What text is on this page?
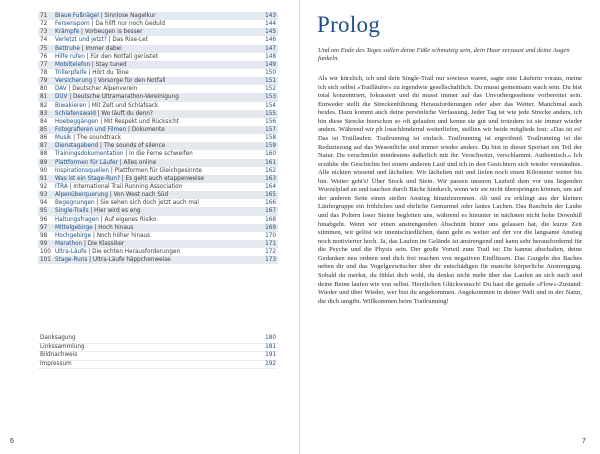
71	Blaue Fußnägel | Sinnlose Nagelkur	143
72	Fersensporn | Da hilft nur noch Geduld	144
73	Krämpfe | Vorbeugen is besser	145
74	Verletzt und jetzt? | Das Rise-Let	146
75	Bettruhe | Immer dabei	147
76	Hilfe rufen | Für den Notfall gerüstet	148
77	Mobiltelefon | Stay tuned	149
78	Trillerpfeife | Hört du Töne	150
79	Versicherung | Vorsorge für den Notfall	151
80	DAV | Deutscher Alpenverein	152
81	DUV | Deutsche Ultramarathon-Vereinigung	153
82	Biwakieren | Mit Zelt und Schlafsack	154
83	Schlafenswald | Wo läuft du denn?	155
84	Hoebeggängen | Mit Respekt und Rücksicht	156
85	Fotografieren und Filmen | Dokumente	157
86	Musik | The soundtrack	158
87	Dienstagabend | The sounds of silence	159
88	Trainingsdokumentation | In die Ferne schweifen	160
89	Plattformen für Läufer | Alles online	161
90	Inspirationsquellen | Plattformen für Gleichgesinnte	162
91	Was ist ein Stage-Run? | Es geht auch etappenweise	163
92	ITRA | International Trail Running Association	164
93	Alpenüberquerung | Von West nach Süd	165
94	Begegnungen | Sie sehen sich doch jetzt auch mal	166
95	Single-Trails | Hier wird es eng	167
96	Haltungsfragen | Auf eigenes Risiko	168
97	Mittelgebirge | Hoch hinaus	169
98	Hochgebirge | Noch höher hinaus	170
99	Marathon | Die Klassiker	171
100 Ultra-Läufe | Die echten Herausforderungen	172
101 Stage-Runs | Ultra-Läufe häppchenweise	173
Danksagung	180
Linkssammlung	181
Bildnachweis	191
Impressum	192
6	7
Prolog
Und am Ende des Tages sollen deine Füße schmutzig sein, dein Haar zerzaust und deine Augen funkeln.

Als wir kürzlich, ich und dein Single-Trail nur sowieso waren, sagte eine Läuferin voraus, meine ich sich selbst »Trailläufer« zu irgendwie gesellschaftlich. Du musst gemeinsam wach sein. Du bist total konzentriert, fokussiert und du musst immer auf das Unvorhergesehene vorbereitet sein. Entweder stellt die Streckenführung Herausforderungen oder aber das Wetter. Manchmal auch beides. Dazu kommt auch deine persönliche Verfassung. Jeder Tag ist wie jede Strecke anders, ich bin diese Strecke hierschon so oft gelaufen und kenne sie gut und trotzdem ist sie immer wieder anders. Während wir ph losschlendernd weiterliefen, stellten wir beide mitglieds fest: »Das ist es! Das ist Traillaufen. Trailrunning ist einfach. Trailrunning ist ergreifend. Trailrunning ist die Reduzierung auf das Wesentliche und immer wieder anders. Du bist in dieser Sportart ein Teil der Natur. Du verschmilzt mindestens äußerlich mit ihr. Verschwitzt, verschlammt. Authentisch.« Ich erzählte die Geschichte bei einem anderen Lauf und ich in den Gesichtern sich wieder verständnis. Alle nickten wissend und lächelten. Wir lächelten mit und liefen noch einen Kilometer weiter bis hin. Weiter geht's! Über Stock und Stein. Wir passen unseren Laufstil dem vor uns liegenden Wurzelpfad an und tauchen durch Bäche hindurch, wenn wir sie nicht überspringen können, um auf der anderen Seite einen steilen Anstieg hinaufzurennen. Ab und zu erklingt aus der kleinen Läufergruppe ein fröhliches und ehrliche Gemurmel oder lautes Lachen. Das Rascheln der Laube und das Poltern loser Steine begleiten uns, während es hinunter in nächsten nicht hohe Downhill hinabgeht. Wenn wir einen anstrengenden Abschnitt hinter uns gelassen hat, die kurze Zeit stimmen, wir gelöst wir unentschiedlichen, dann geht es weiter auf der vor die langsame Anstieg noch motivierter hoch. Ja, das Laufen im Gelände ist anstrengend und kann sehr herausfordernd für die Psyche und die Physis sein. Der große Vorteil zum Trail ist: Du kannst abschalten, deine Gedanken neu ordnen und dich frei machen von negativen Einflüssen. Das Gurgeln des Baches neben dir und das Vogelgezwitscher über dir entschädigen für manche körperliche Anstrengung. Sobald du merkst, du fühlst dich wohl, du denkst nicht mehr über das Laufen an sich nach und deine Beine laufen wie von selbst. Herzlichen Glückwunsch! Du hast die geniale »Flow«-Zustand: Wieder und über Wieder, wer bist du angekommen. Angekommen in deiner Welt und in der Natur, die dich umgibt. Willkommen beim Trailrunning!
